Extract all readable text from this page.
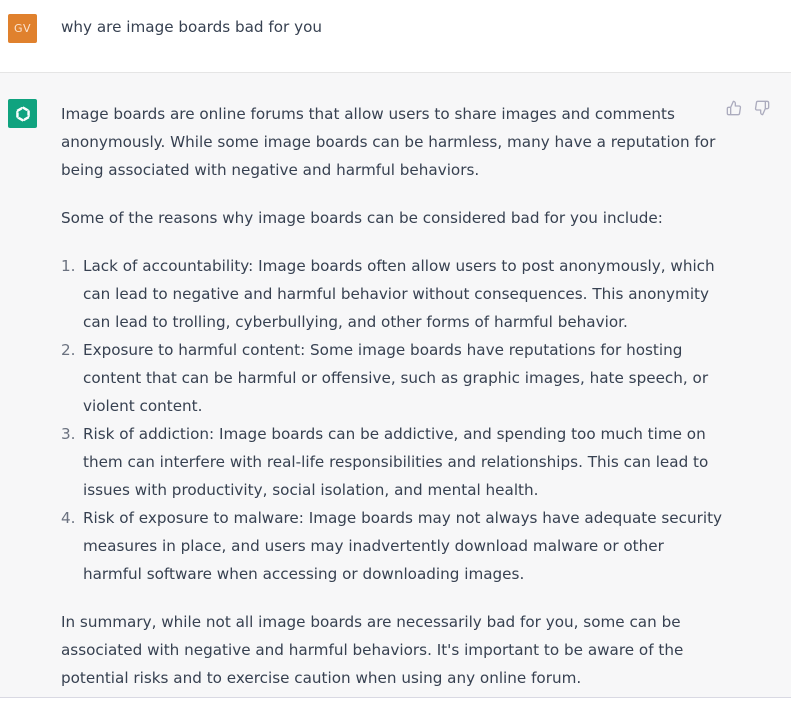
GV	why are image boards bad for you

Image boards are online forums that allow users to share images and comments anonymously. While some image boards can be harmless, many have a reputation for being associated with negative and harmful behaviors.

Some of the reasons why image boards can be considered bad for you include:

1. Lack of accountability: Image boards often allow users to post anonymously, which can lead to negative and harmful behavior without consequences. This anonymity can lead to trolling, cyberbullying, and other forms of harmful behavior.
2. Exposure to harmful content: Some image boards have reputations for hosting content that can be harmful or offensive, such as graphic images, hate speech, or violent content.
3. Risk of addiction: Image boards can be addictive, and spending too much time on them can interfere with real-life responsibilities and relationships. This can lead to issues with productivity, social isolation, and mental health.
4. Risk of exposure to malware: Image boards may not always have adequate security measures in place, and users may inadvertently download malware or other harmful software when accessing or downloading images.

In summary, while not all image boards are necessarily bad for you, some can be associated with negative and harmful behaviors. It's important to be aware of the potential risks and to exercise caution when using any online forum.
